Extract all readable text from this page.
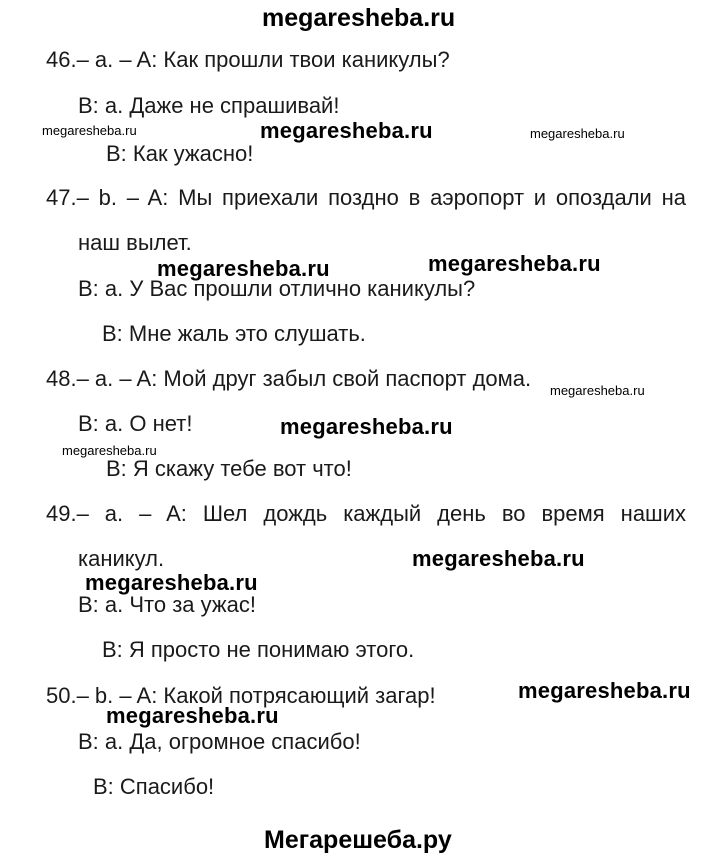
megaresheba.ru
46.– a. – A: Как прошли твои каникулы?
B: a. Даже не спрашивай!
megaresheba.ru	megaresheba.ru	megaresheba.ru
B: Как ужасно!
47.– b. – A: Мы приехали поздно в аэропорт и опоздали на
наш вылет.
megaresheba.ru	megaresheba.ru
B: a. У Вас прошли отлично каникулы?
B: Мне жаль это слушать.
48.– a. – A: Мой друг забыл свой паспорт дома. megaresheba.ru
B: a. О нет!	megaresheba.ru
megaresheba.ru
B: Я скажу тебе вот что!
49.– a. – A: Шел дождь каждый день во время наших
каникул.	megaresheba.ru
megaresheba.ru
B: a. Что за ужас!
B: Я просто не понимаю этого.
50.– b. – A: Какой потрясающий загар!	megaresheba.ru
megaresheba.ru
B: a. Да, огромное спасибо!
B: Спасибо!
Мегарешеба.ру
